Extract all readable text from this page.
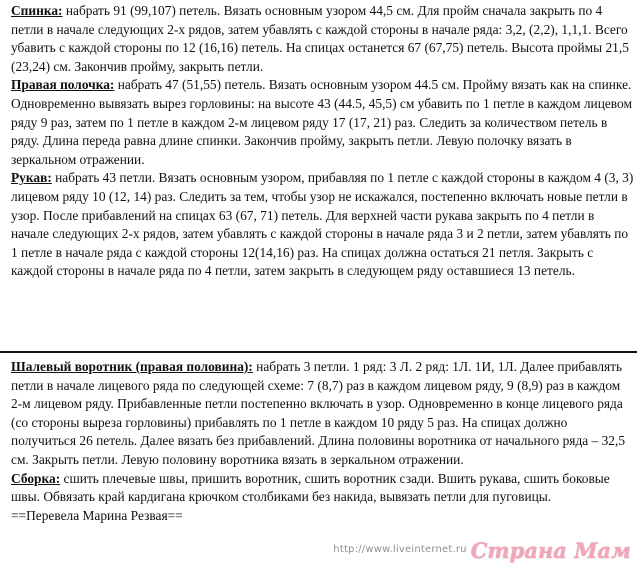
Спинка: набрать 91 (99,107) петель. Вязать основным узором 44,5 см. Для пройм сначала закрыть по 4 петли в начале следующих 2-х рядов, затем убавлять с каждой стороны в начале ряда: 3,2, (2,2), 1,1,1. Всего убавить с каждой стороны по 12 (16,16) петель. На спицах останется 67 (67,75) петель. Высота проймы 21,5 (23,24) см. Закончив пройму, закрыть петли.

Правая полочка: набрать 47 (51,55) петель. Вязать основным узором 44.5 см. Пройму вязать как на спинке. Одновременно вывязать вырез горловины: на высоте 43 (44.5, 45,5) см убавить по 1 петле в каждом лицевом ряду 9 раз, затем по 1 петле в каждом 2-м лицевом ряду 17 (17, 21) раз. Следить за количеством петель в ряду. Длина переда равна длине спинки. Закончив пройму, закрыть петли. Левую полочку вязать в зеркальном отражении.

Рукав: набрать 43 петли. Вязать основным узором, прибавляя по 1 петле с каждой стороны в каждом 4 (3, 3) лицевом ряду 10 (12, 14) раз. Следить за тем, чтобы узор не искажался, постепенно включать новые петли в узор. После прибавлений на спицах 63 (67, 71) петель. Для верхней части рукава закрыть по 4 петли в начале следующих 2-х рядов, затем убавлять с каждой стороны в начале ряда 3 и 2 петли, затем убавлять по 1 петле в начале ряда с каждой стороны 12(14,16) раз. На спицах должна остаться 21 петля. Закрыть с каждой стороны в начале ряда по 4 петли, затем закрыть в следующем ряду оставшиеся 13 петель.

Шалевый воротник (правая половина): набрать 3 петли. 1 ряд: 3 Л. 2 ряд: 1Л. 1И, 1Л. Далее прибавлять петли в начале лицевого ряда по следующей схеме: 7 (8,7) раз в каждом лицевом ряду, 9 (8,9) раз в каждом 2-м лицевом ряду. Прибавленные петли постепенно включать в узор. Одновременно в конце лицевого ряда (со стороны выреза горловины) прибавлять по 1 петле в каждом 10 ряду 5 раз. На спицах должно получиться 26 петель. Далее вязать без прибавлений. Длина половины воротника от начального ряда – 32,5 см. Закрыть петли. Левую половину воротника вязать в зеркальном отражении.

Сборка: сшить плечевые швы, пришить воротник, сшить воротник сзади. Вшить рукава, сшить боковые швы. Обвязать край кардигана крючком столбиками без накида, вывязать петли для пуговицы.

==Перевела Марина Резвая==

http://www.liveinternet.ru Страна Мам
